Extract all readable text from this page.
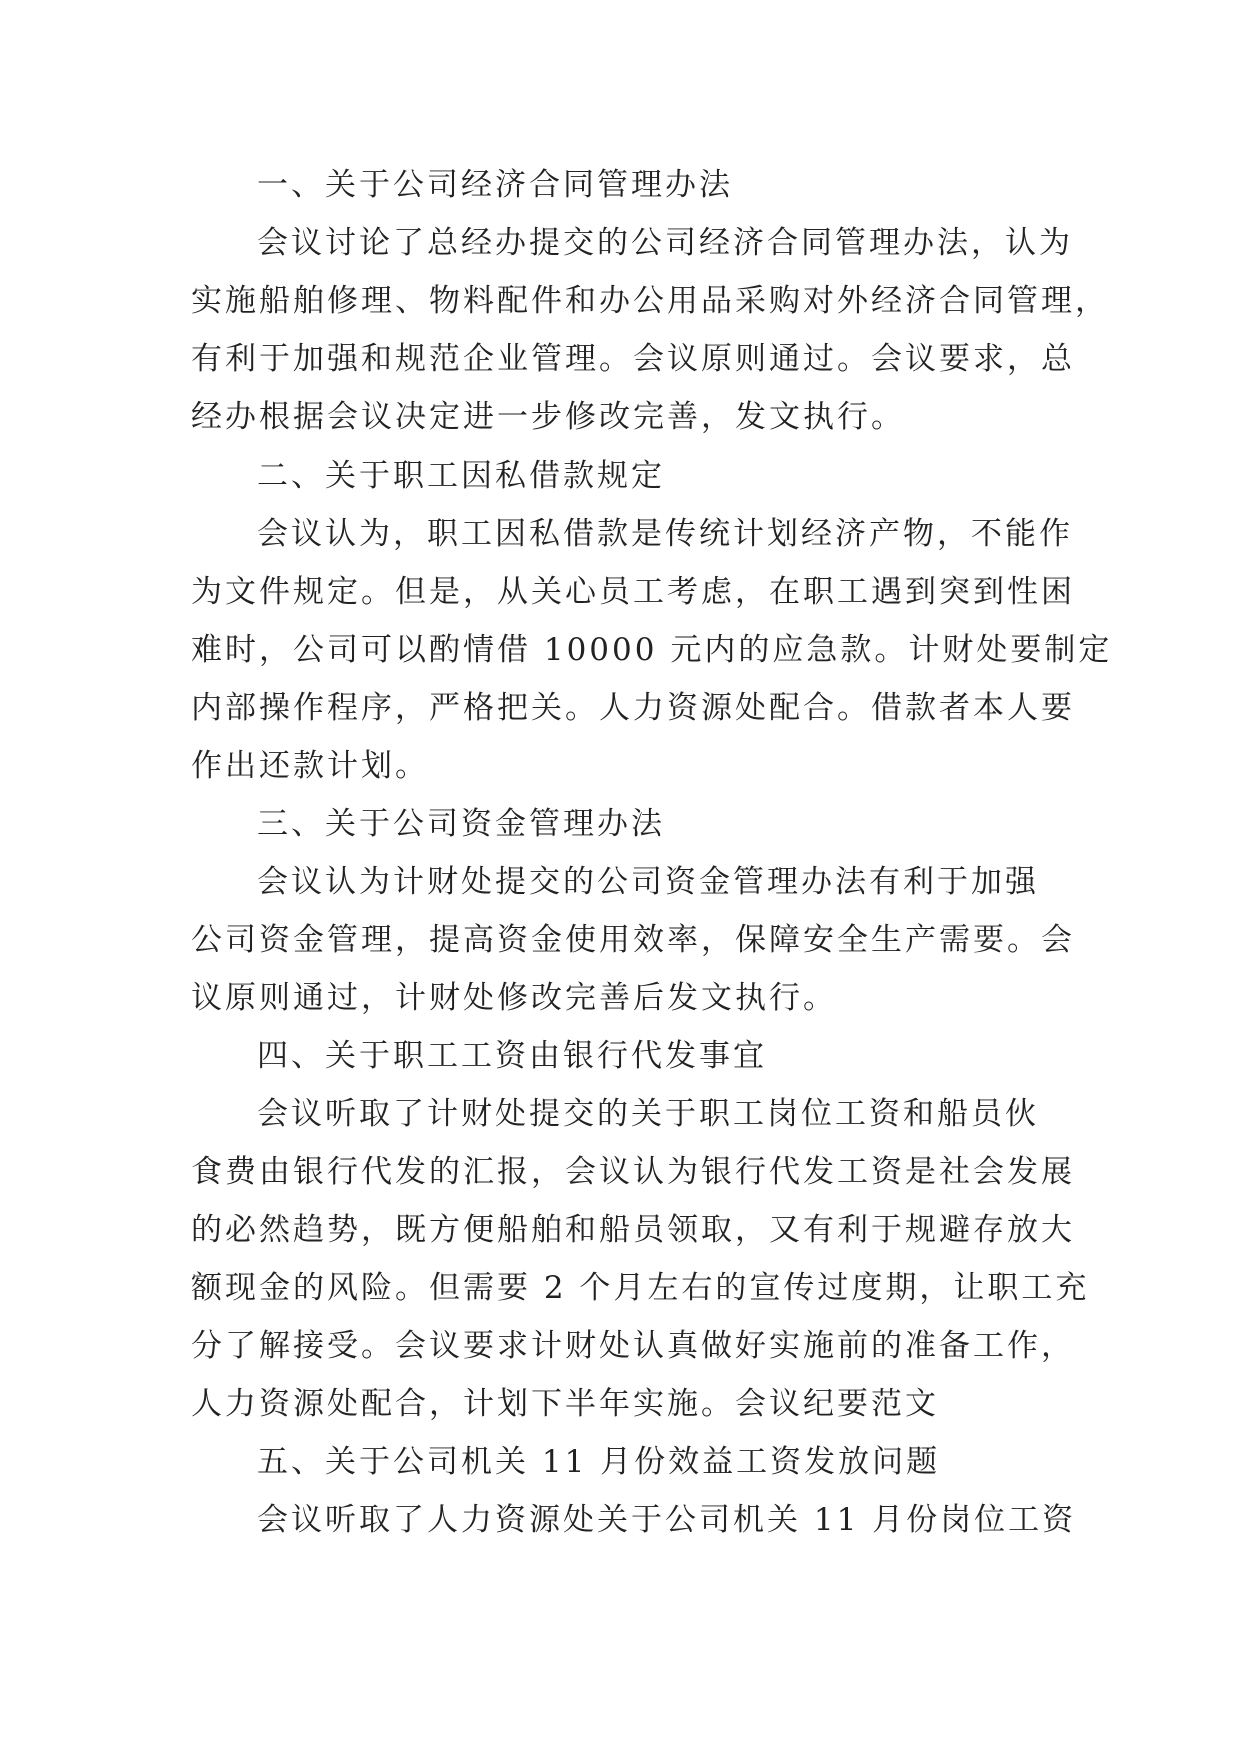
一、关于公司经济合同管理办法
会议讨论了总经办提交的公司经济合同管理办法，认为
实施船舶修理、物料配件和办公用品采购对外经济合同管理，
有利于加强和规范企业管理。会议原则通过。会议要求，总
经办根据会议决定进一步修改完善，发文执行。
二、关于职工因私借款规定
会议认为，职工因私借款是传统计划经济产物，不能作
为文件规定。但是，从关心员工考虑，在职工遇到突到性困
难时，公司可以酌情借 10000 元内的应急款。计财处要制定
内部操作程序，严格把关。人力资源处配合。借款者本人要
作出还款计划。
三、关于公司资金管理办法
会议认为计财处提交的公司资金管理办法有利于加强
公司资金管理，提高资金使用效率，保障安全生产需要。会
议原则通过，计财处修改完善后发文执行。
四、关于职工工资由银行代发事宜
会议听取了计财处提交的关于职工岗位工资和船员伙
食费由银行代发的汇报，会议认为银行代发工资是社会发展
的必然趋势，既方便船舶和船员领取，又有利于规避存放大
额现金的风险。但需要 2 个月左右的宣传过度期，让职工充
分了解接受。会议要求计财处认真做好实施前的准备工作，
人力资源处配合，计划下半年实施。会议纪要范文
五、关于公司机关 11 月份效益工资发放问题
会议听取了人力资源处关于公司机关 11 月份岗位工资
